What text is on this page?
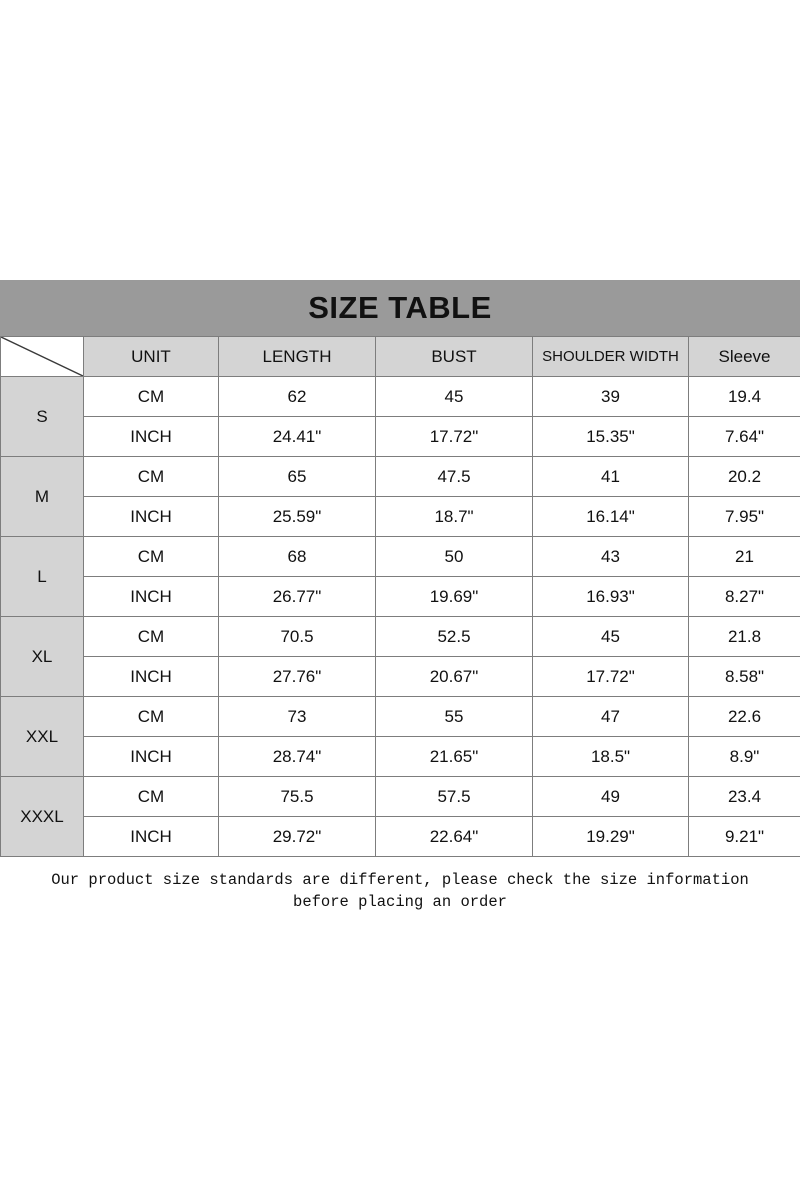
SIZE TABLE
	UNIT	LENGTH	BUST	SHOULDER WIDTH	Sleeve
S	CM	62	45	39	19.4
	INCH	24.41"	17.72"	15.35"	7.64"
M	CM	65	47.5	41	20.2
	INCH	25.59"	18.7"	16.14"	7.95"
L	CM	68	50	43	21
	INCH	26.77"	19.69"	16.93"	8.27"
XL	CM	70.5	52.5	45	21.8
	INCH	27.76"	20.67"	17.72"	8.58"
XXL	CM	73	55	47	22.6
	INCH	28.74"	21.65"	18.5"	8.9"
XXXL	CM	75.5	57.5	49	23.4
	INCH	29.72"	22.64"	19.29"	9.21"
Our product size standards are different, please check the size information
before placing an order
